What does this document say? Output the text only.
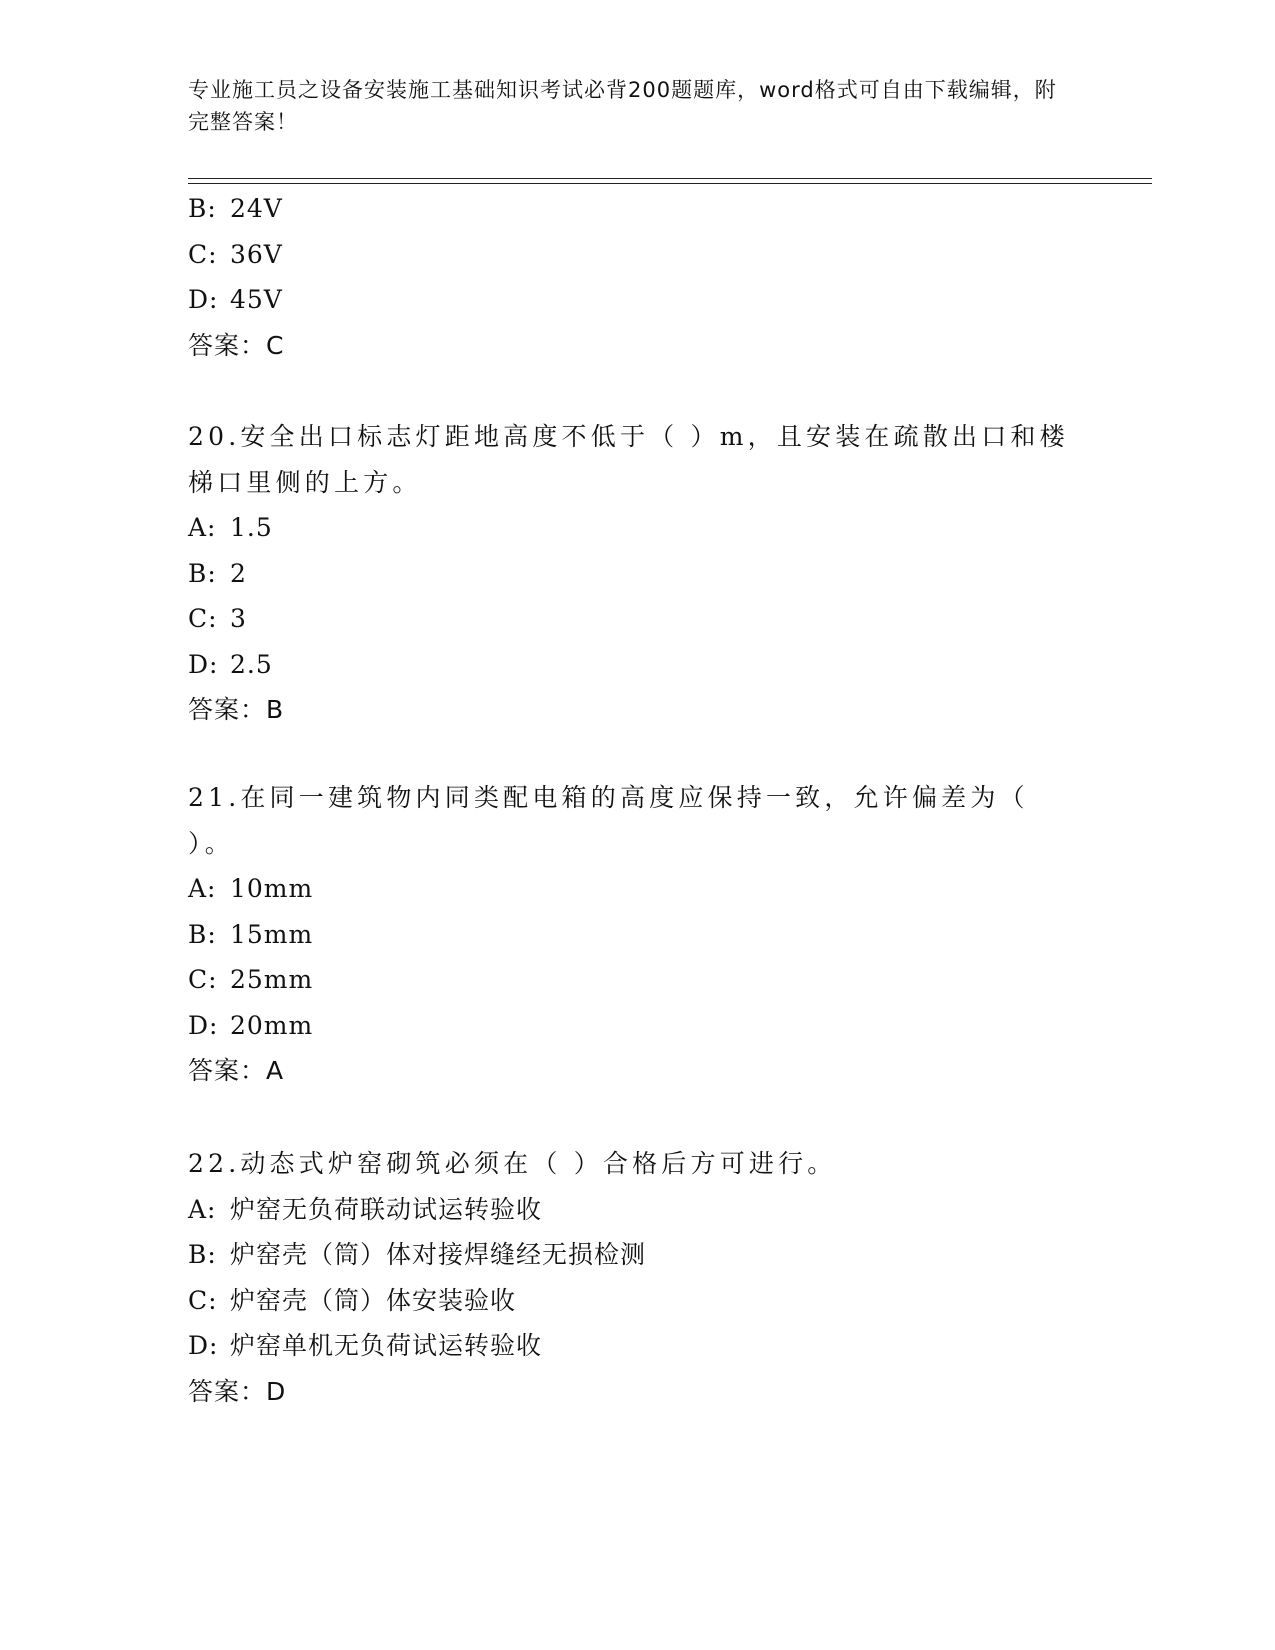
专业施工员之设备安装施工基础知识考试必背200题题库，word格式可自由下载编辑，附完整答案！
B: 24V
C: 36V
D: 45V
答案：C
20.安全出口标志灯距地高度不低于（ ）m，且安装在疏散出口和楼梯口里侧的上方。
A: 1.5
B: 2
C: 3
D: 2.5
答案：B
21.在同一建筑物内同类配电箱的高度应保持一致，允许偏差为（ ）。
A: 10mm
B: 15mm
C: 25mm
D: 20mm
答案：A
22.动态式炉窑砌筑必须在（ ）合格后方可进行。
A: 炉窑无负荷联动试运转验收
B: 炉窑壳（筒）体对接焊缝经无损检测
C: 炉窑壳（筒）体安装验收
D: 炉窑单机无负荷试运转验收
答案：D
